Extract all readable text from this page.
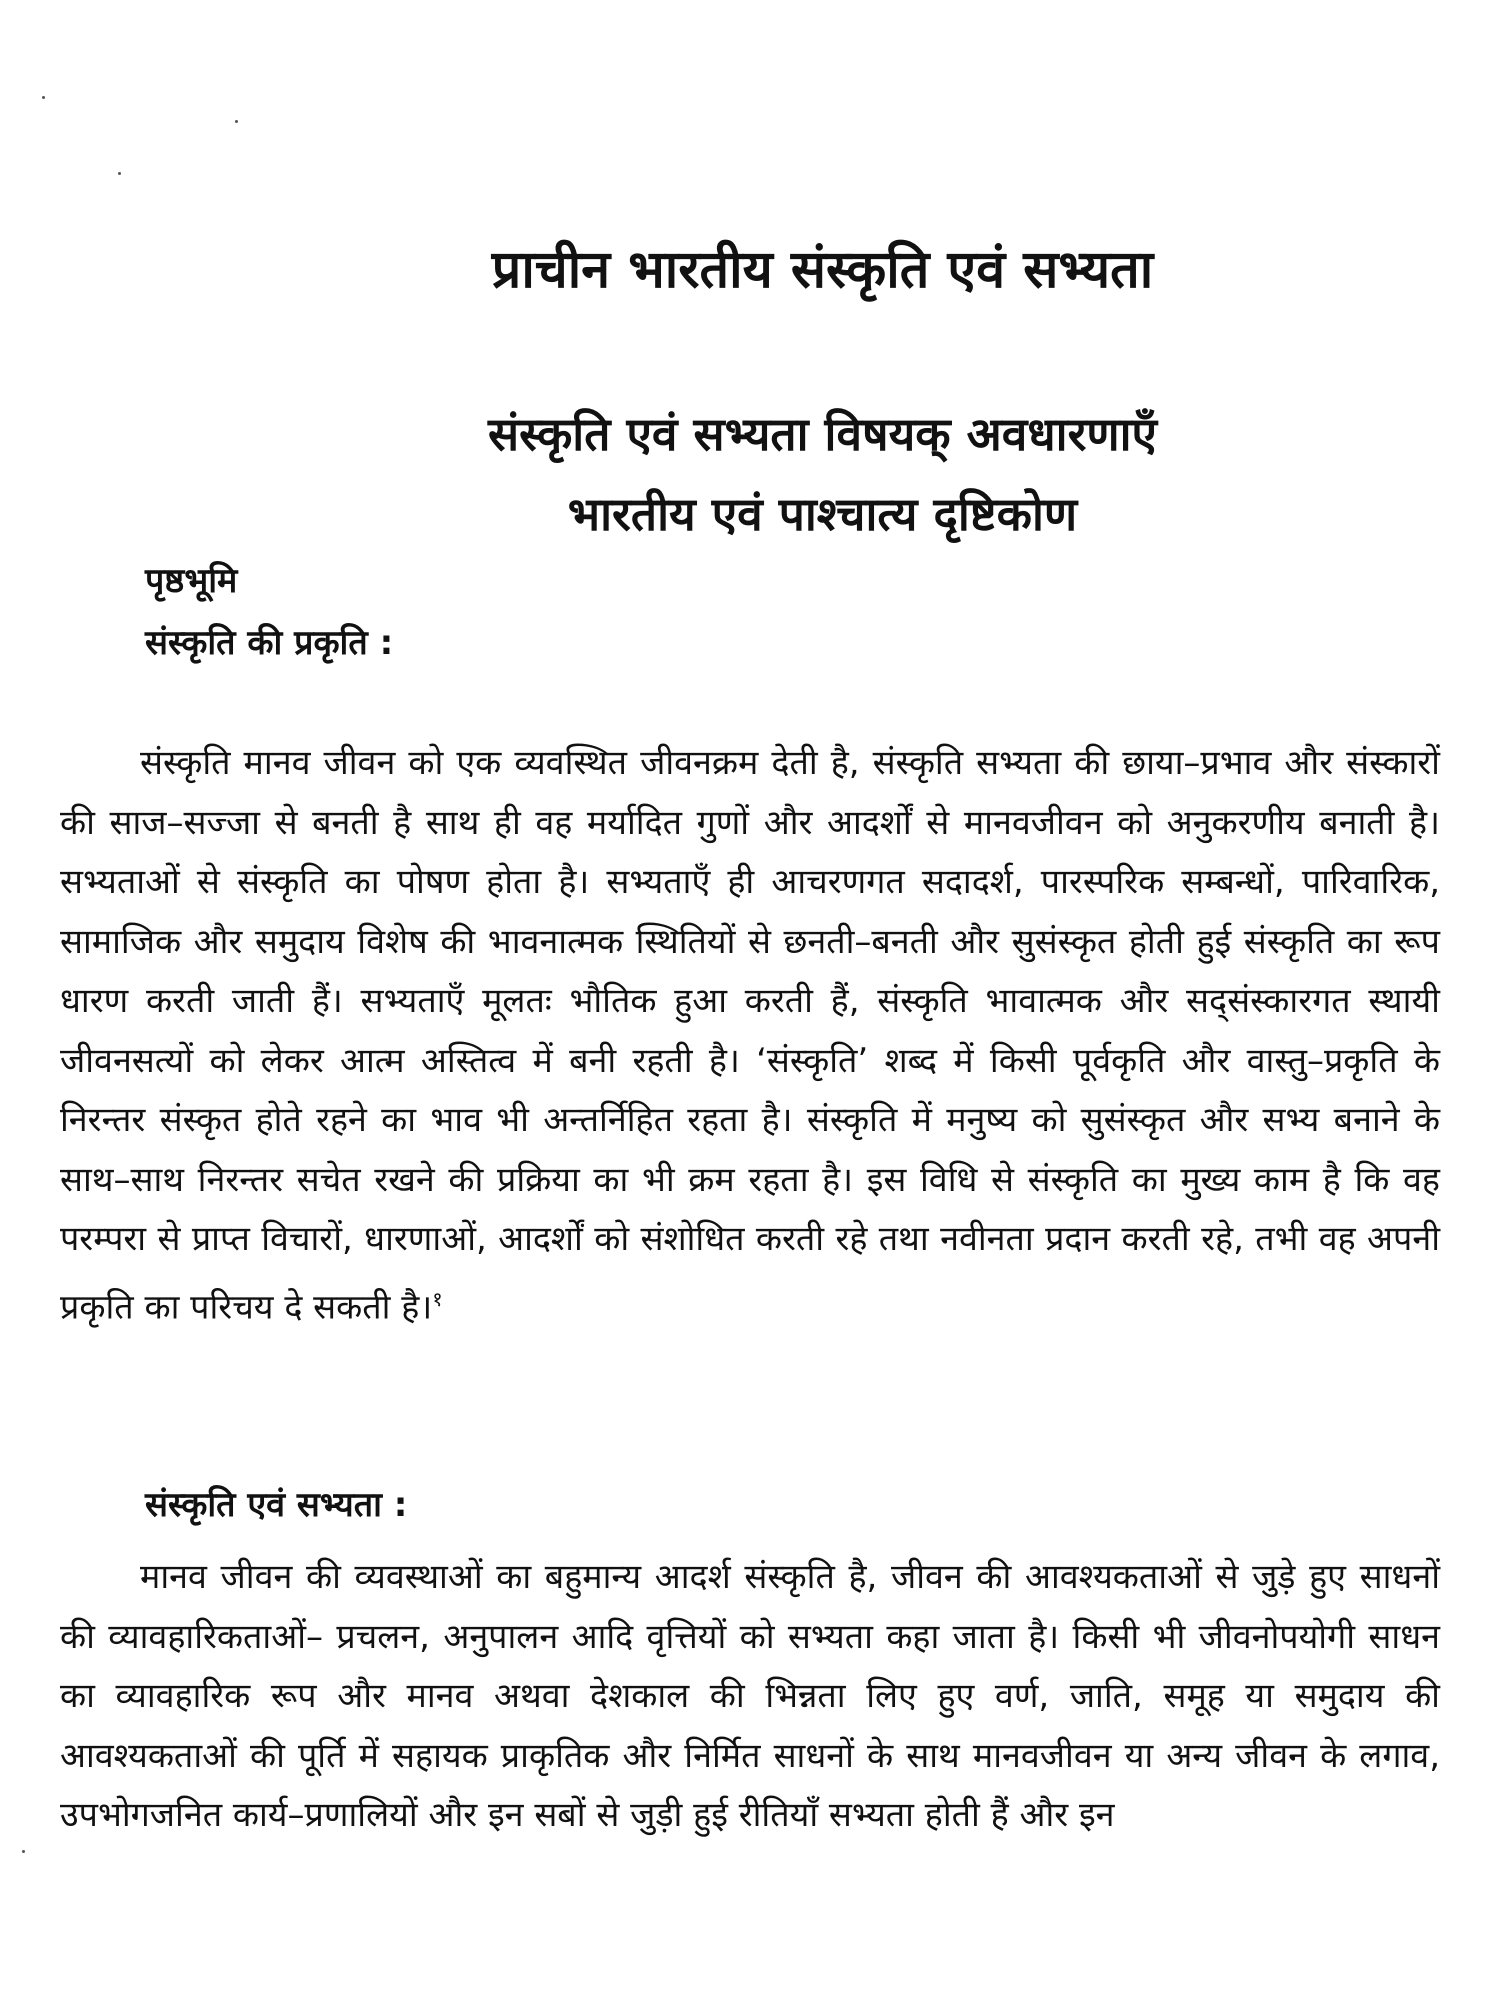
प्राचीन भारतीय संस्कृति एवं सभ्यता
संस्कृति एवं सभ्यता विषयक् अवधारणाएँ
भारतीय एवं पाश्चात्य दृष्टिकोण
पृष्ठभूमि
संस्कृति की प्रकृति :

संस्कृति मानव जीवन को एक व्यवस्थित जीवनक्रम देती है, संस्कृति सभ्यता की छाया–प्रभाव और संस्कारों की साज–सज्जा से बनती है साथ ही वह मर्यादित गुणों और आदर्शों से मानवजीवन को अनुकरणीय बनाती है। सभ्यताओं से संस्कृति का पोषण होता है। सभ्यताएँ ही आचरणगत सदादर्श, पारस्परिक सम्बन्धों, पारिवारिक, सामाजिक और समुदाय विशेष की भावनात्मक स्थितियों से छनती–बनती और सुसंस्कृत होती हुई संस्कृति का रूप धारण करती जाती हैं। सभ्यताएँ मूलतः भौतिक हुआ करती हैं, संस्कृति भावात्मक और सद्संस्कारगत स्थायी जीवनसत्यों को लेकर आत्म अस्तित्व में बनी रहती है। ‘संस्कृति’ शब्द में किसी पूर्वकृति और वास्तु–प्रकृति के निरन्तर संस्कृत होते रहने का भाव भी अन्तर्निहित रहता है। संस्कृति में मनुष्य को सुसंस्कृत और सभ्य बनाने के साथ–साथ निरन्तर सचेत रखने की प्रक्रिया का भी क्रम रहता है। इस विधि से संस्कृति का मुख्य काम है कि वह परम्परा से प्राप्त विचारों, धारणाओं, आदर्शों को संशोधित करती रहे तथा नवीनता प्रदान करती रहे, तभी वह अपनी प्रकृति का परिचय दे सकती है।$^१$

संस्कृति एवं सभ्यता :

मानव जीवन की व्यवस्थाओं का बहुमान्य आदर्श संस्कृति है, जीवन की आवश्यकताओं से जुड़े हुए साधनों की व्यावहारिकताओं– प्रचलन, अनुपालन आदि वृत्तियों को सभ्यता कहा जाता है। किसी भी जीवनोपयोगी साधन का व्यावहारिक रूप और मानव अथवा देशकाल की भिन्नता लिए हुए वर्ण, जाति, समूह या समुदाय की आवश्यकताओं की पूर्ति में सहायक प्राकृतिक और निर्मित साधनों के साथ मानवजीवन या अन्य जीवन के लगाव, उपभोगजनित कार्य–प्रणालियों और इन सबों से जुड़ी हुई रीतियाँ सभ्यता होती हैं और इन
